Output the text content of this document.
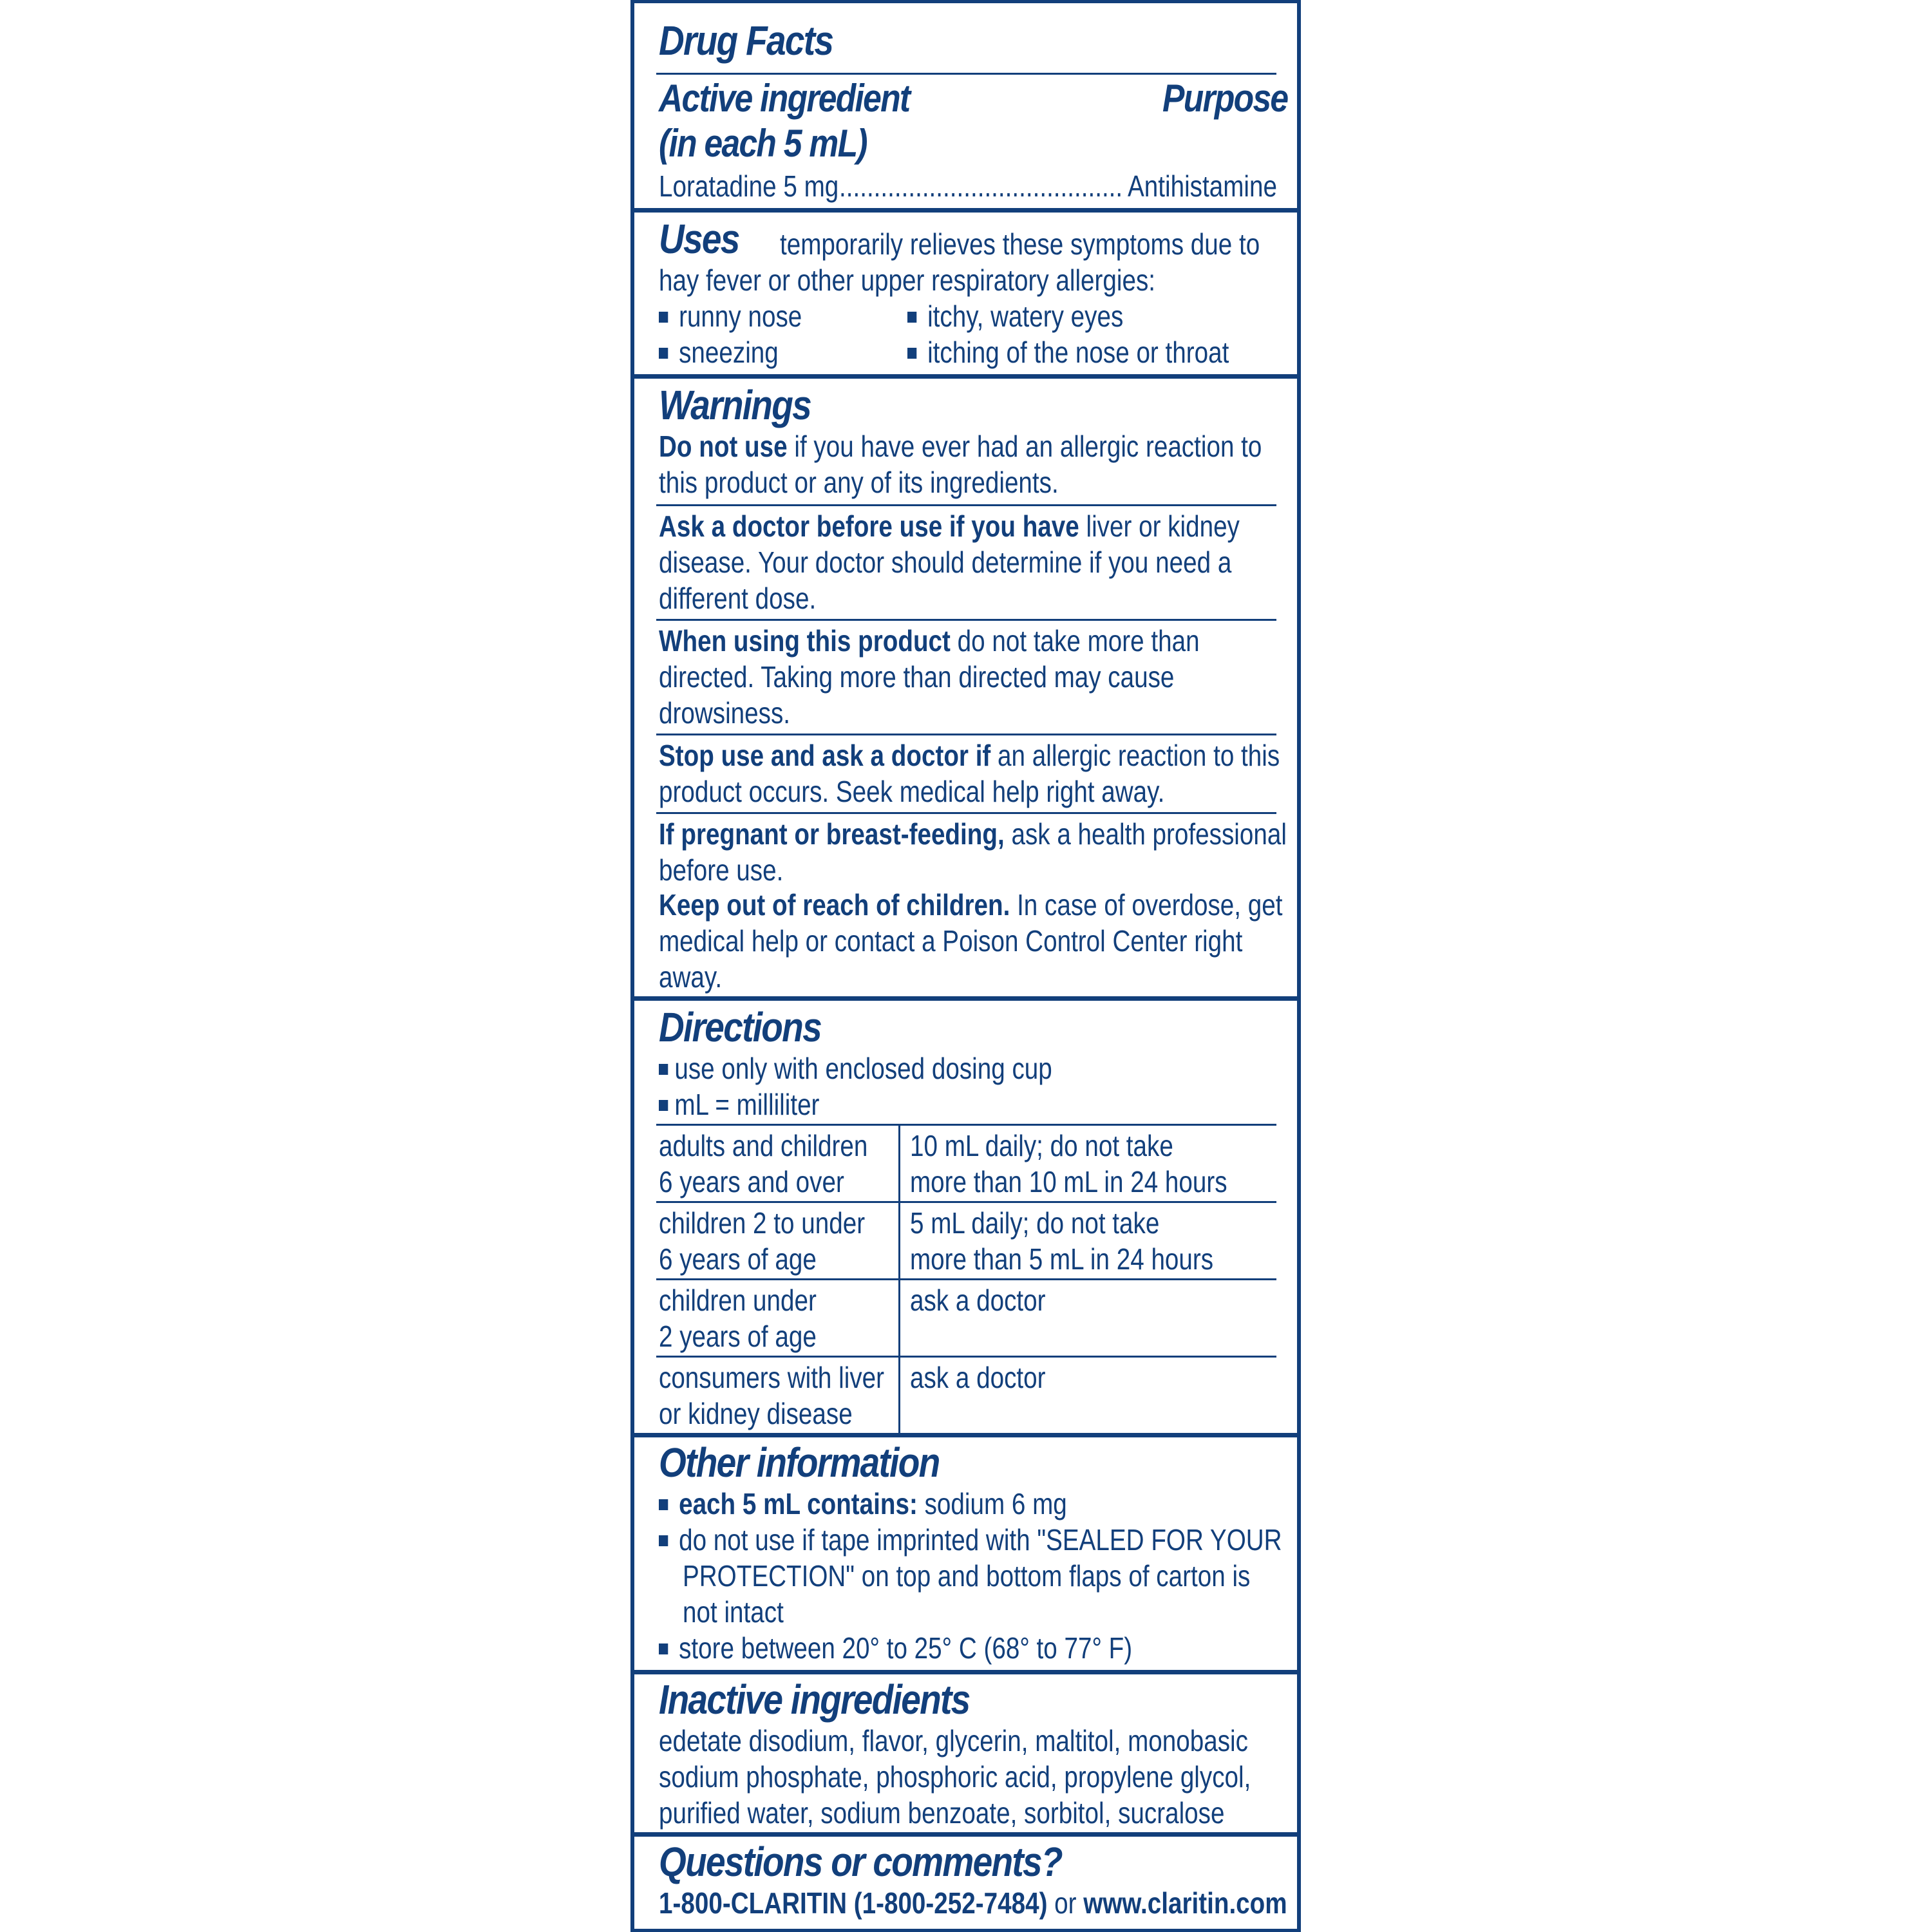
Drug Facts
Active ingredient
(in each 5 mL)
Purpose
Loratadine 5 mg ......................................... Antihistamine
Uses temporarily relieves these symptoms due to
hay fever or other upper respiratory allergies:
runny nose	itchy, watery eyes
sneezing	itching of the nose or throat
Warnings
Do not use if you have ever had an allergic reaction to
this product or any of its ingredients.
Ask a doctor before use if you have liver or kidney
disease. Your doctor should determine if you need a
different dose.
When using this product do not take more than
directed. Taking more than directed may cause
drowsiness.
Stop use and ask a doctor if an allergic reaction to this
product occurs. Seek medical help right away.
If pregnant or breast-feeding, ask a health professional
before use.
Keep out of reach of children. In case of overdose, get
medical help or contact a Poison Control Center right
away.
Directions
use only with enclosed dosing cup
mL = milliliter
adults and children
6 years and over
10 mL daily; do not take
more than 10 mL in 24 hours
children 2 to under
6 years of age
5 mL daily; do not take
more than 5 mL in 24 hours
children under
2 years of age
ask a doctor
consumers with liver
or kidney disease
ask a doctor
Other information
each 5 mL contains: sodium 6 mg
do not use if tape imprinted with "SEALED FOR YOUR
PROTECTION" on top and bottom flaps of carton is
not intact
store between 20° to 25° C (68° to 77° F)
Inactive ingredients
edetate disodium, flavor, glycerin, maltitol, monobasic
sodium phosphate, phosphoric acid, propylene glycol,
purified water, sodium benzoate, sorbitol, sucralose
Questions or comments?
1-800-CLARITIN (1-800-252-7484) or www.claritin.com
